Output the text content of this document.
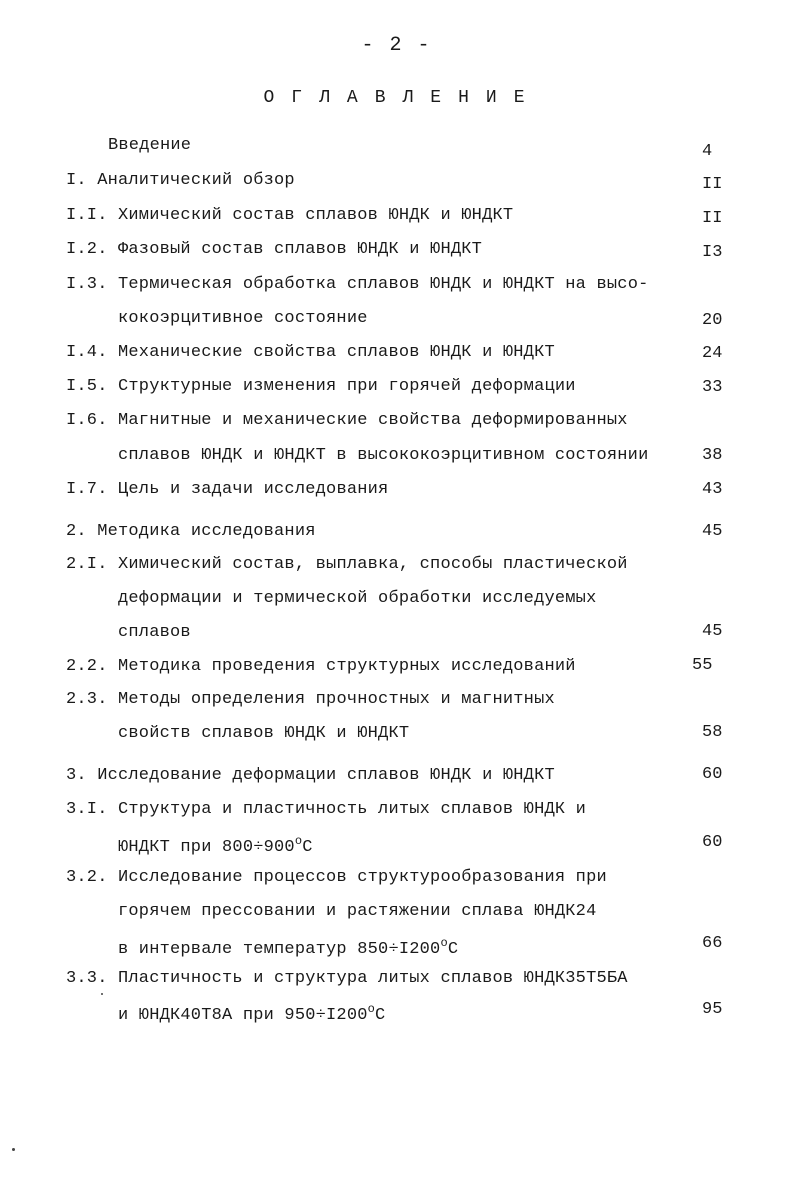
- 2 -
ОГЛАВЛЕНИЕ
Введение	4
I. Аналитический обзор	II
I.I. Химический состав сплавов ЮНДК и ЮНДКТ	II
I.2. Фазовый состав сплавов ЮНДК и ЮНДКТ	I3
I.3. Термическая обработка сплавов ЮНДК и ЮНДКТ на высо-
кокоэрцитивное состояние	20
I.4. Механические свойства сплавов ЮНДК и ЮНДКТ	24
I.5. Структурные изменения при горячей деформации	33
I.6. Магнитные и механические свойства деформированных
сплавов ЮНДК и ЮНДКТ в высококоэрцитивном состоянии	38
I.7. Цель и задачи исследования	43
2. Методика исследования	45
2.I. Химический состав, выплавка, способы пластической
деформации и термической обработки исследуемых
сплавов	45
2.2. Методика проведения структурных исследований	55
2.3. Методы определения прочностных и магнитных
свойств сплавов ЮНДК и ЮНДКТ	58
3. Исследование деформации сплавов ЮНДК и ЮНДКТ	60
3.I. Структура и пластичность литых сплавов ЮНДК и
ЮНДКТ при $800\div 900^оС$	60
3.2. Исследование процессов структурообразования при
горячем прессовании и растяжении сплава ЮНДК24
в интервале температур $850\div I200^оС$	66
3.3. Пластичность и структура литых сплавов ЮНДК35Т5БА
и ЮНДК40Т8А при $950\div I200^оС$	95
